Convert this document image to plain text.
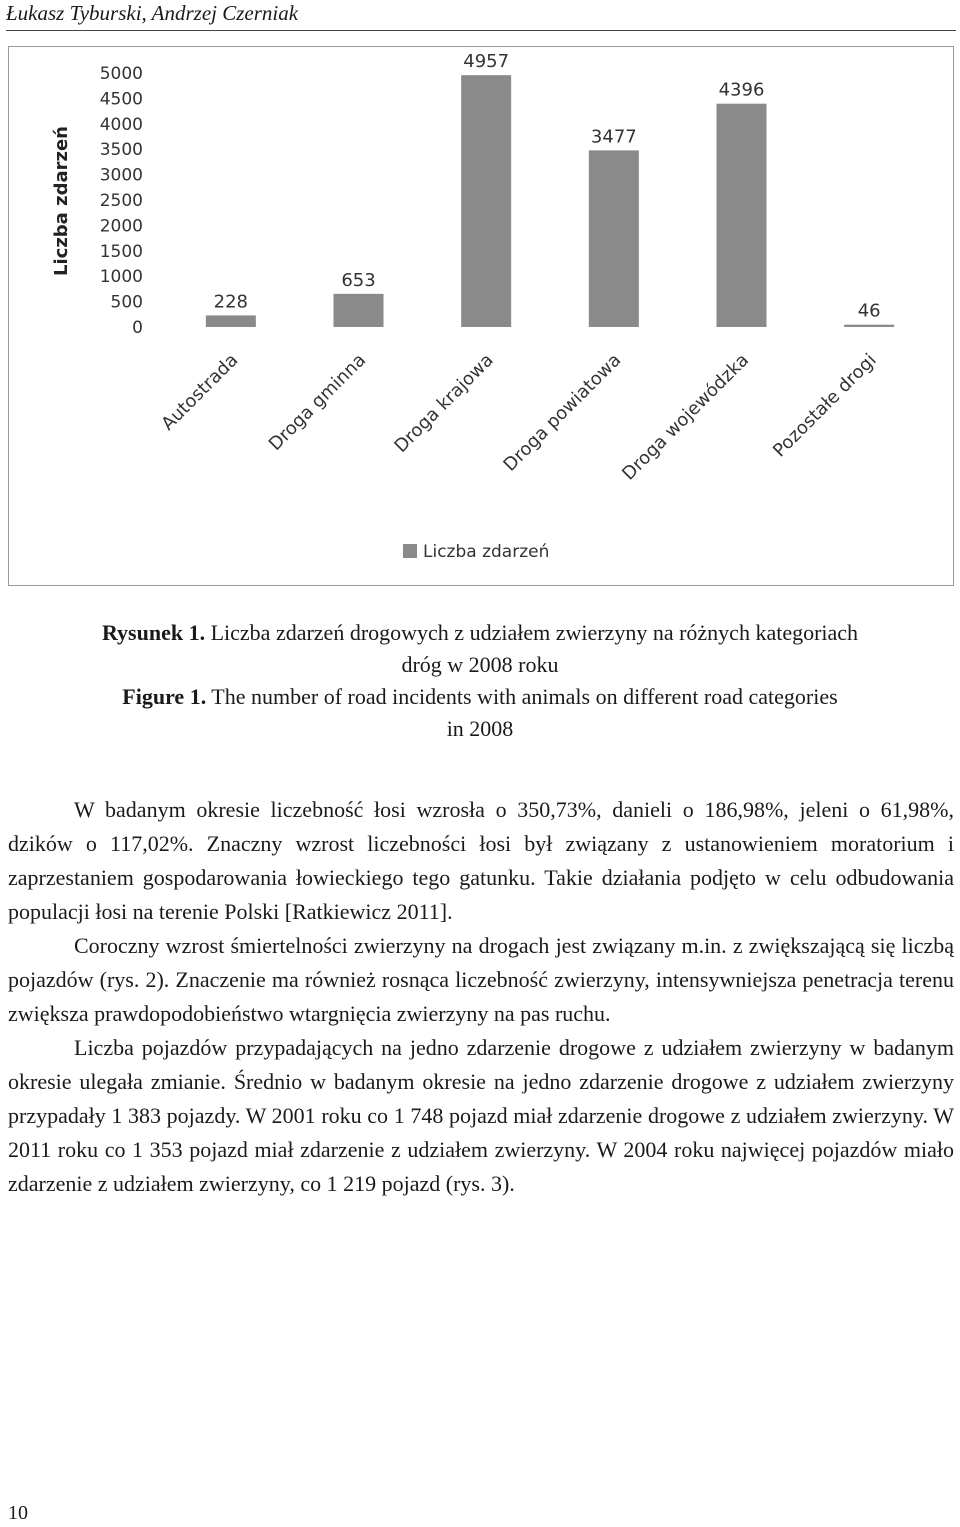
Łukasz Tyburski, Andrzej Czerniak
0
500
1000
1500
2000
2500
3000
3500
4000
4500
5000
Liczba zdarzeń
228
Autostrada
653
Droga gminna
4957
Droga krajowa
3477
Droga powiatowa
4396
Droga wojewódzka
46
Pozostałe drogi
Liczba zdarzeń
Rysunek 1. Liczba zdarzeń drogowych z udziałem zwierzyny na różnych kategoriach
dróg w 2008 roku
Figure 1. The number of road incidents with animals on different road categories
in 2008

W badanym okresie liczebność łosi wzrosła o 350,73%, danieli o 186,98%, jeleni o 61,98%, dzików o 117,02%. Znaczny wzrost liczebności łosi był związany z ustanowieniem moratorium i zaprzestaniem gospodarowania łowieckiego tego gatunku. Takie działania podjęto w celu odbudowania populacji łosi na terenie Polski [Ratkiewicz 2011].

Coroczny wzrost śmiertelności zwierzyny na drogach jest związany m.in. z zwiększającą się liczbą pojazdów (rys. 2). Znaczenie ma również rosnąca liczebność zwierzyny, intensywniejsza penetracja terenu zwiększa prawdopodobieństwo wtargnięcia zwierzyny na pas ruchu.

Liczba pojazdów przypadających na jedno zdarzenie drogowe z udziałem zwierzyny w badanym okresie ulegała zmianie. Średnio w badanym okresie na jedno zdarzenie drogowe z udziałem zwierzyny przypadały 1 383 pojazdy. W 2001 roku co 1 748 pojazd miał zdarzenie drogowe z udziałem zwierzyny. W 2011 roku co 1 353 pojazd miał zdarzenie z udziałem zwierzyny. W 2004 roku najwięcej pojazdów miało zdarzenie z udziałem zwierzyny, co 1 219 pojazd (rys. 3).

10
